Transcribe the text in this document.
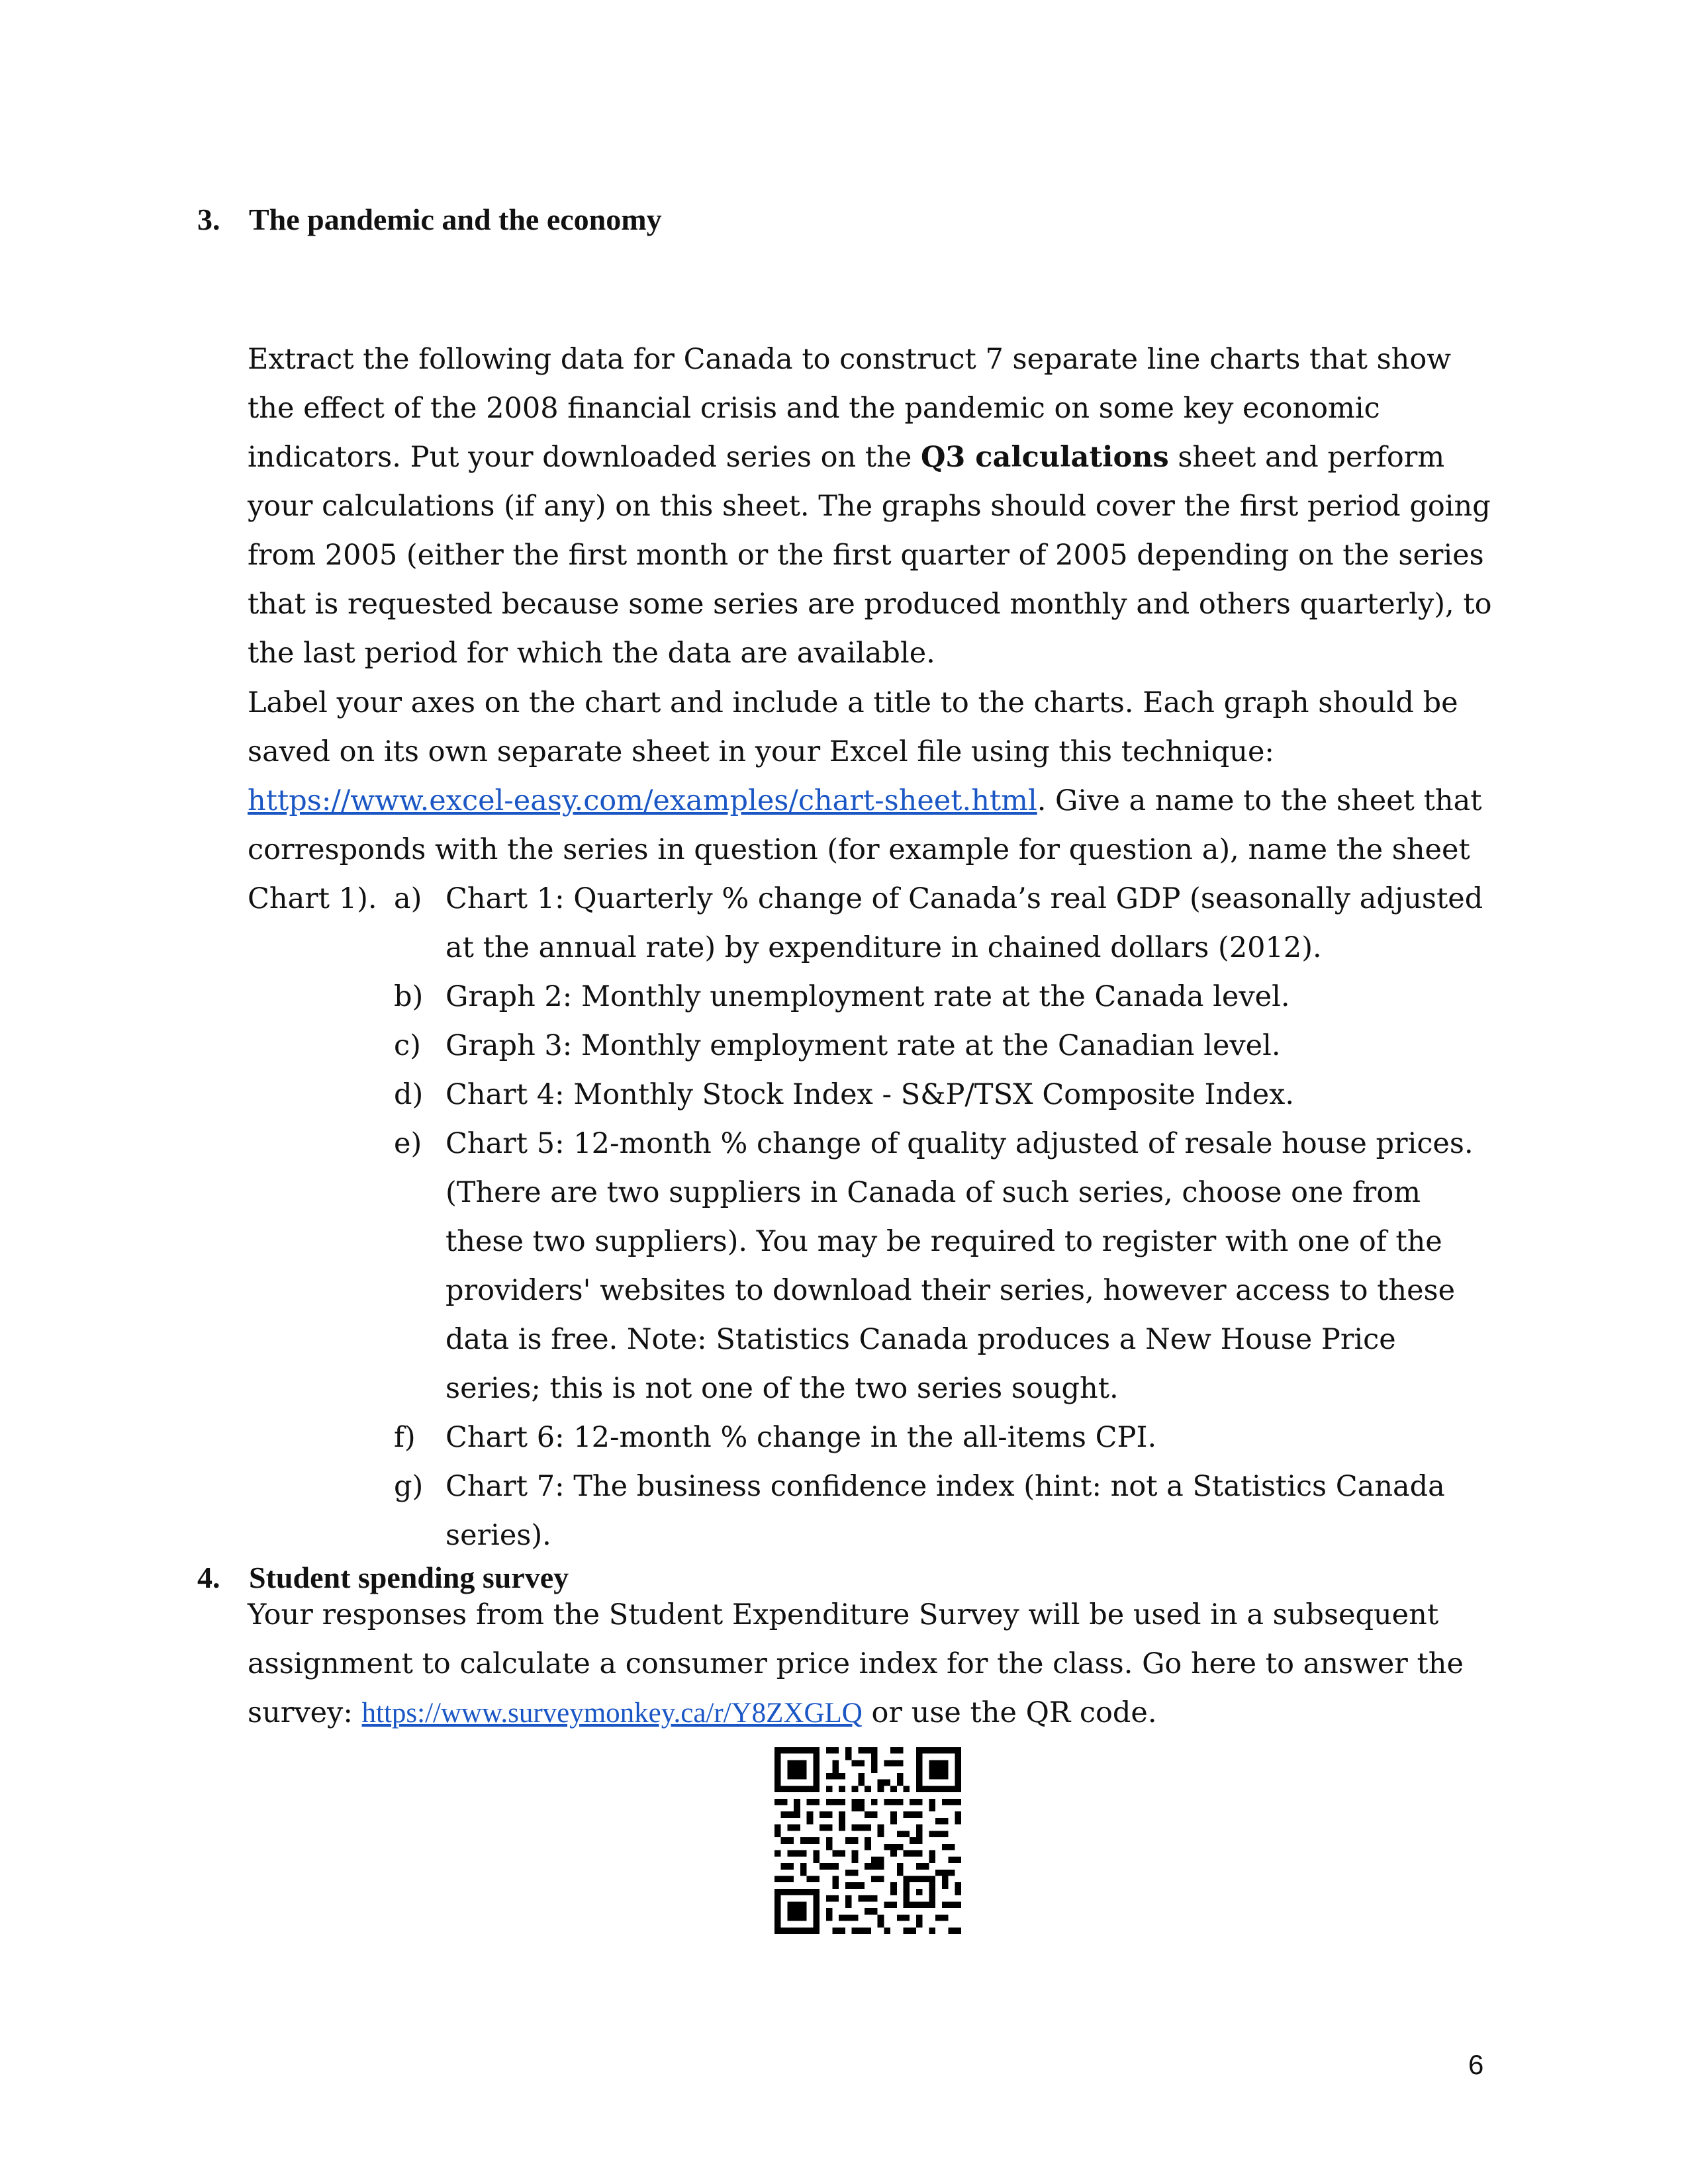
3. The pandemic and the economy

Extract the following data for Canada to construct 7 separate line charts that show the effect of the 2008 financial crisis and the pandemic on some key economic indicators. Put your downloaded series on the Q3 calculations sheet and perform your calculations (if any) on this sheet. The graphs should cover the first period going from 2005 (either the first month or the first quarter of 2005 depending on the series that is requested because some series are produced monthly and others quarterly), to the last period for which the data are available.

Label your axes on the chart and include a title to the charts. Each graph should be saved on its own separate sheet in your Excel file using this technique: https://www.excel-easy.com/examples/chart-sheet.html. Give a name to the sheet that corresponds with the series in question (for example for question a), name the sheet Chart 1). a) Chart 1: Quarterly % change of Canada’s real GDP (seasonally adjusted at the annual rate) by expenditure in chained dollars (2012).
b) Graph 2: Monthly unemployment rate at the Canada level.
c) Graph 3: Monthly employment rate at the Canadian level.
d) Chart 4: Monthly Stock Index - S&P/TSX Composite Index.
e) Chart 5: 12-month % change of quality adjusted of resale house prices. (There are two suppliers in Canada of such series, choose one from these two suppliers). You may be required to register with one of the providers' websites to download their series, however access to these data is free. Note: Statistics Canada produces a New House Price series; this is not one of the two series sought.
f) Chart 6: 12-month % change in the all-items CPI.
g) Chart 7: The business confidence index (hint: not a Statistics Canada series).
4. Student spending survey
Your responses from the Student Expenditure Survey will be used in a subsequent assignment to calculate a consumer price index for the class. Go here to answer the survey: https://www.surveymonkey.ca/r/Y8ZXGLQ or use the QR code.
6
